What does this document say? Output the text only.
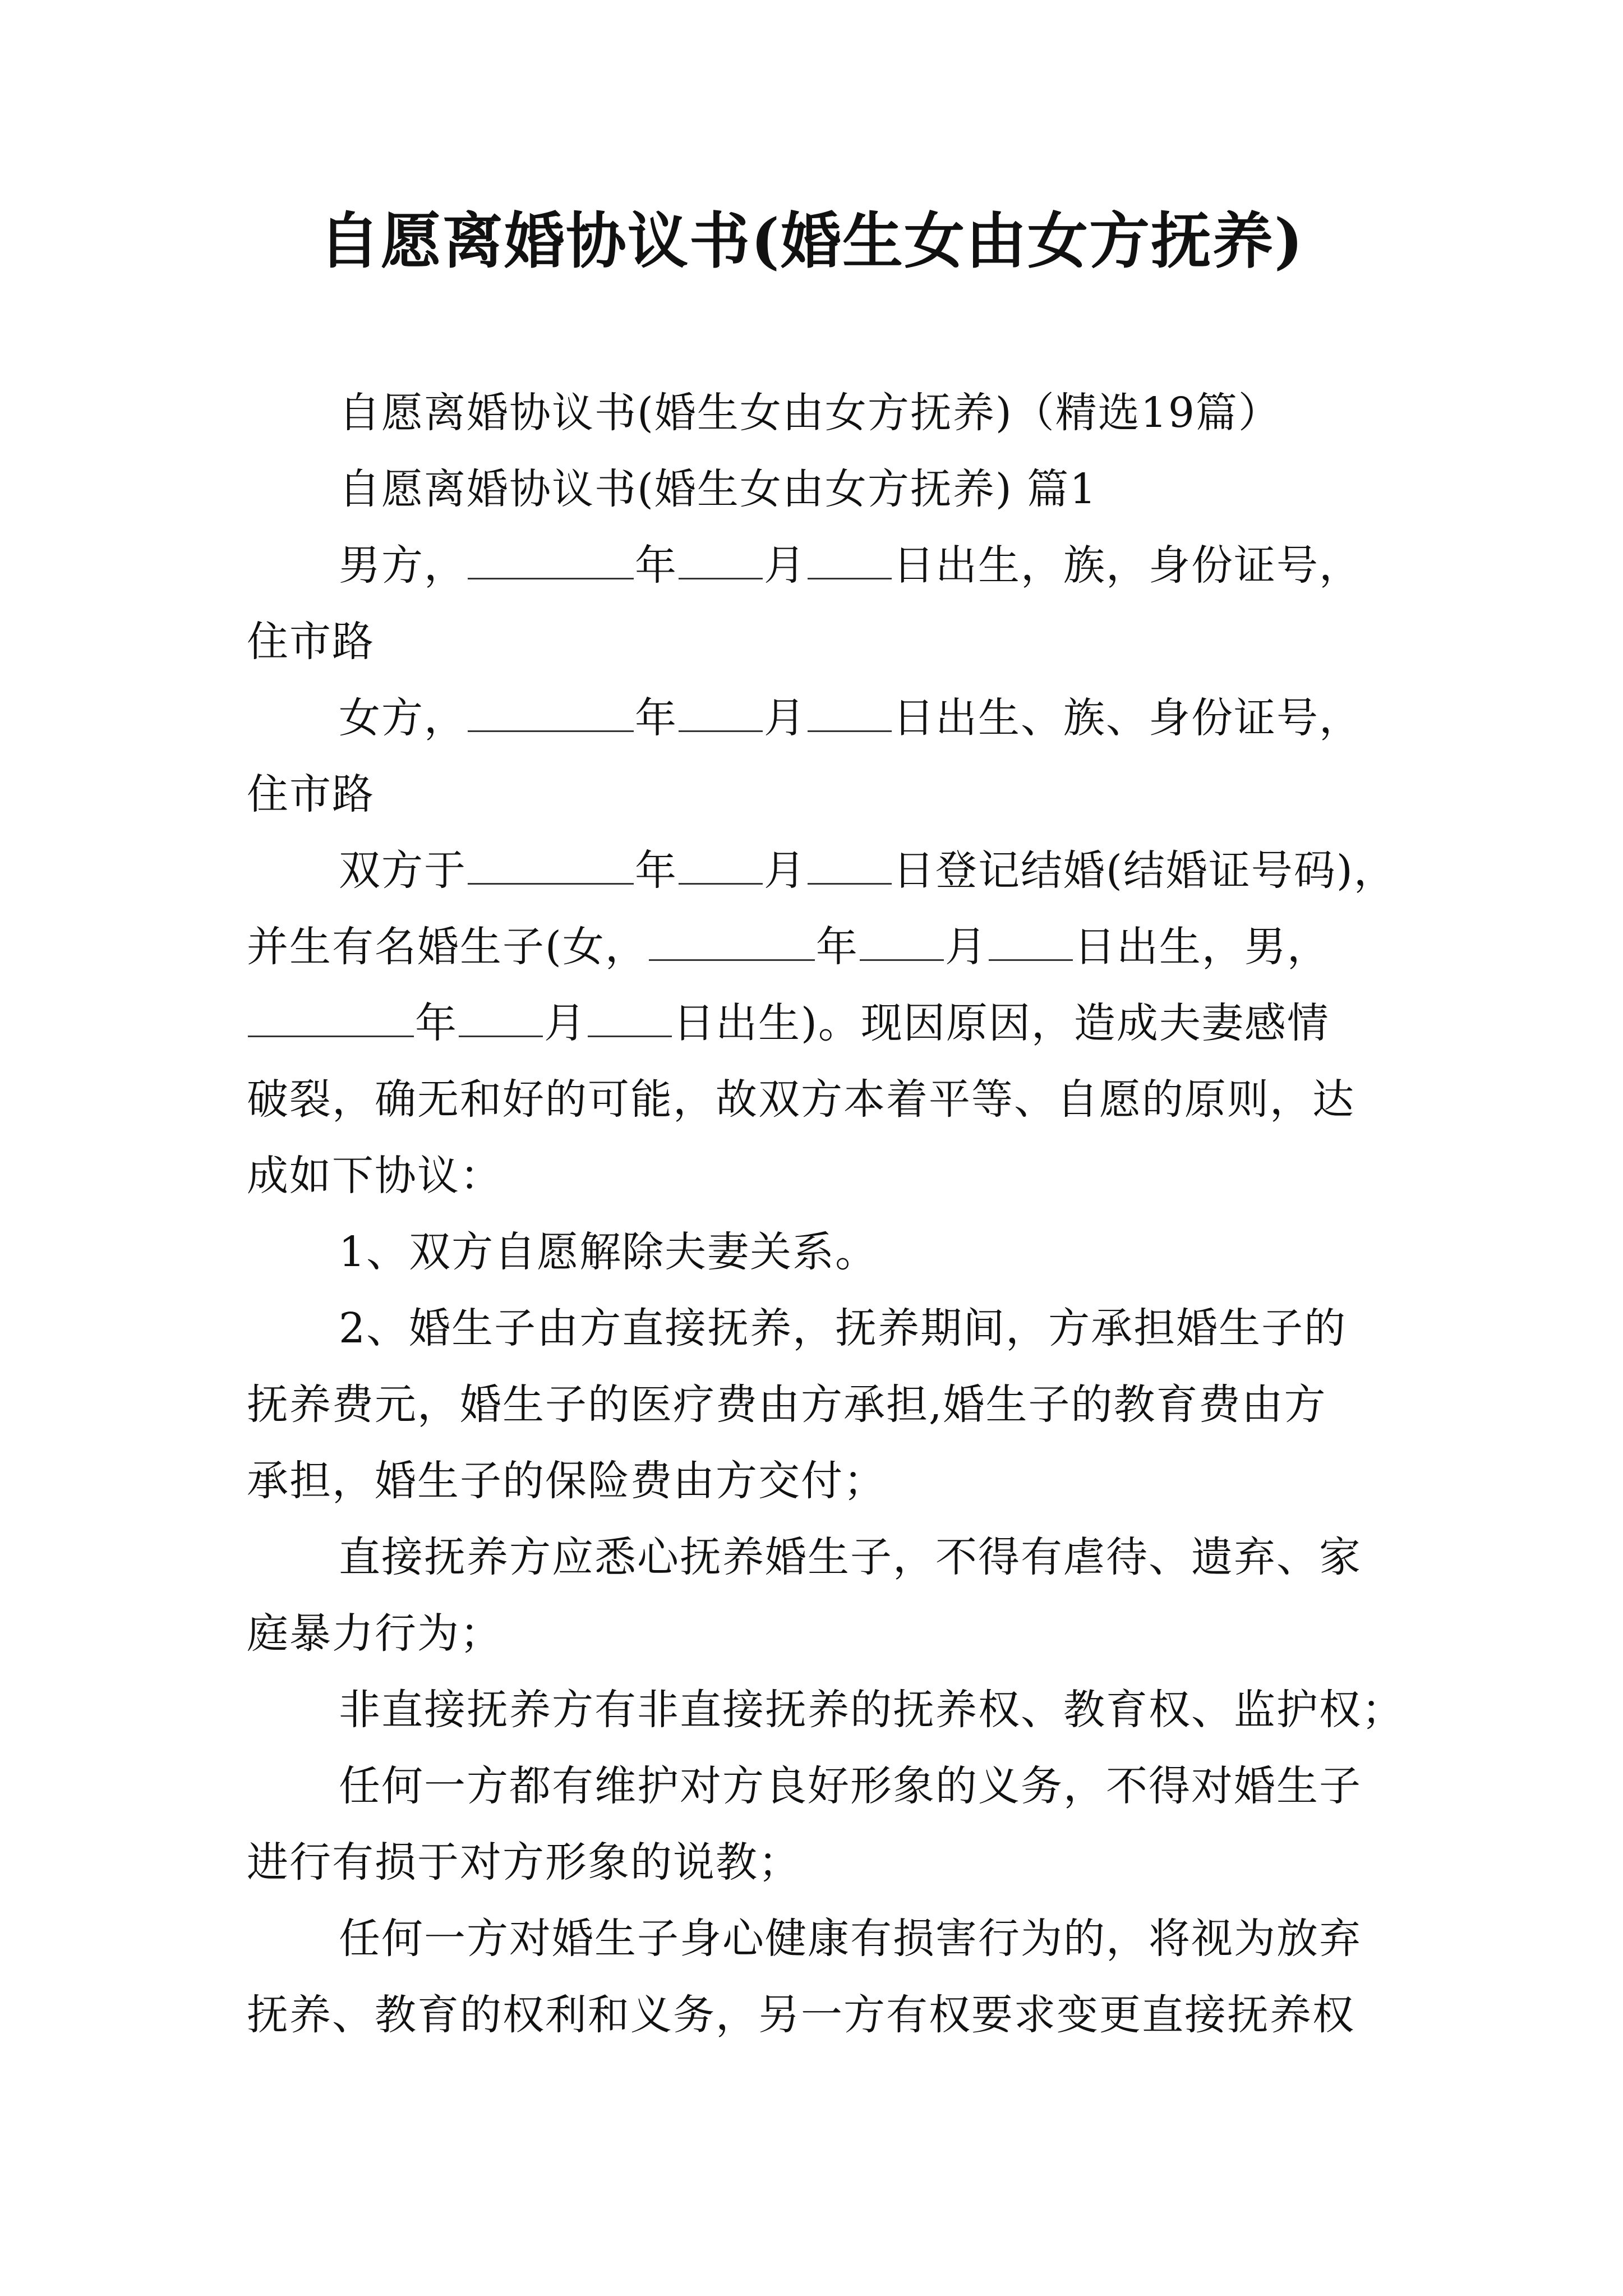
自愿离婚协议书(婚生女由女方抚养)

自愿离婚协议书(婚生女由女方抚养)（精选19篇）

自愿离婚协议书(婚生女由女方抚养) 篇1

男方，	年 月 日出生，族，身份证号，

住市路

女方，	年 月 日出生、族、身份证号，

住市路

双方于	年 月 日登记结婚(结婚证号码)，

并生有名婚生子(女，	年 月 日出生，男，

年 月 日出生)。现因原因，造成夫妻感情

破裂，确无和好的可能，故双方本着平等、自愿的原则，达

成如下协议：

1、双方自愿解除夫妻关系。

2、婚生子由方直接抚养，抚养期间，方承担婚生子的

抚养费元，婚生子的医疗费由方承担,婚生子的教育费由方

承担，婚生子的保险费由方交付；

直接抚养方应悉心抚养婚生子，不得有虐待、遗弃、家

庭暴力行为；

非直接抚养方有非直接抚养的抚养权、教育权、监护权；

任何一方都有维护对方良好形象的义务，不得对婚生子

进行有损于对方形象的说教；

任何一方对婚生子身心健康有损害行为的，将视为放弃

抚养、教育的权利和义务，另一方有权要求变更直接抚养权
